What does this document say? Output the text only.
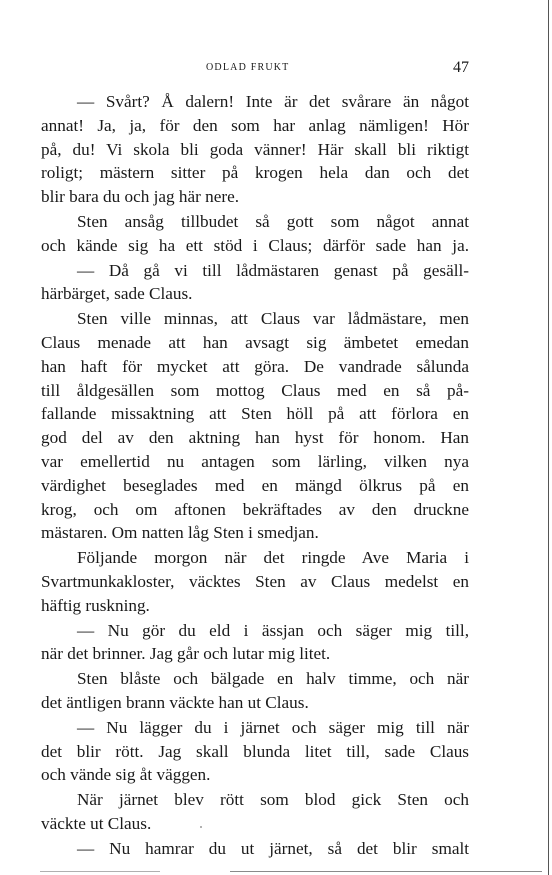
ODLAD FRUKT	47
— Svårt? Å dalern! Inte är det svårare än något
annat! Ja, ja, för den som har anlag nämligen! Hör
på, du! Vi skola bli goda vänner! Här skall bli riktigt
roligt; mästern sitter på krogen hela dan och det
blir bara du och jag här nere.
Sten ansåg tillbudet så gott som något annat
och kände sig ha ett stöd i Claus; därför sade han ja.
— Då gå vi till lådmästaren genast på gesäll-
härbärget, sade Claus.
Sten ville minnas, att Claus var lådmästare, men
Claus menade att han avsagt sig ämbetet emedan
han haft för mycket att göra. De vandrade sålunda
till åldgesällen som mottog Claus med en så på-
fallande missaktning att Sten höll på att förlora en
god del av den aktning han hyst för honom. Han
var emellertid nu antagen som lärling, vilken nya
värdighet beseglades med en mängd ölkrus på en
krog, och om aftonen bekräftades av den druckne
mästaren. Om natten låg Sten i smedjan.
Följande morgon när det ringde Ave Maria i
Svartmunkakloster, väcktes Sten av Claus medelst en
häftig ruskning.
— Nu gör du eld i ässjan och säger mig till,
när det brinner. Jag går och lutar mig litet.
Sten blåste och bälgade en halv timme, och när
det äntligen brann väckte han ut Claus.
— Nu lägger du i järnet och säger mig till när
det blir rött. Jag skall blunda litet till, sade Claus
och vände sig åt väggen.
När järnet blev rött som blod gick Sten och
väckte ut Claus.
— Nu hamrar du ut järnet, så det blir smalt
